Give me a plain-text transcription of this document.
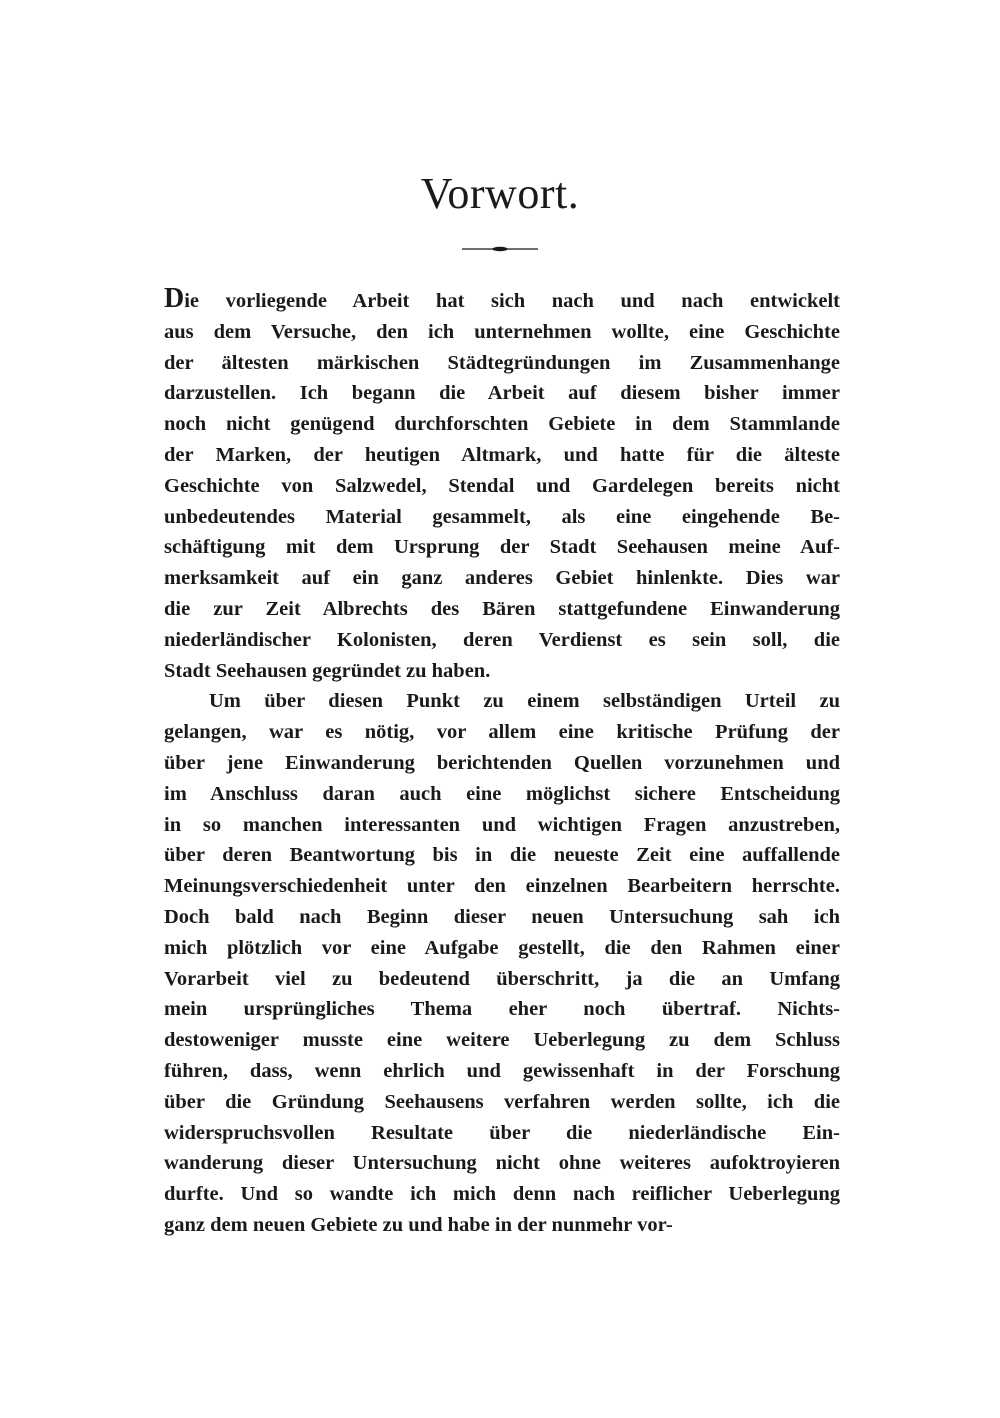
Vorwort.
Die vorliegende Arbeit hat sich nach und nach entwickelt
aus dem Versuche, den ich unternehmen wollte, eine Geschichte
der ältesten märkischen Städtegründungen im Zusammenhange
darzustellen. Ich begann die Arbeit auf diesem bisher immer
noch nicht genügend durchforschten Gebiete in dem Stammlande
der Marken, der heutigen Altmark, und hatte für die älteste
Geschichte von Salzwedel, Stendal und Gardelegen bereits nicht
unbedeutendes Material gesammelt, als eine eingehende Be-
schäftigung mit dem Ursprung der Stadt Seehausen meine Auf-
merksamkeit auf ein ganz anderes Gebiet hinlenkte. Dies war
die zur Zeit Albrechts des Bären stattgefundene Einwanderung
niederländischer Kolonisten, deren Verdienst es sein soll, die
Stadt Seehausen gegründet zu haben.
Um über diesen Punkt zu einem selbständigen Urteil zu
gelangen, war es nötig, vor allem eine kritische Prüfung der
über jene Einwanderung berichtenden Quellen vorzunehmen und
im Anschluss daran auch eine möglichst sichere Entscheidung
in so manchen interessanten und wichtigen Fragen anzustreben,
über deren Beantwortung bis in die neueste Zeit eine auffallende
Meinungsverschiedenheit unter den einzelnen Bearbeitern herrschte.
Doch bald nach Beginn dieser neuen Untersuchung sah ich
mich plötzlich vor eine Aufgabe gestellt, die den Rahmen einer
Vorarbeit viel zu bedeutend überschritt, ja die an Umfang
mein ursprüngliches Thema eher noch übertraf. Nichts-
destoweniger musste eine weitere Ueberlegung zu dem Schluss
führen, dass, wenn ehrlich und gewissenhaft in der Forschung
über die Gründung Seehausens verfahren werden sollte, ich die
widerspruchsvollen Resultate über die niederländische Ein-
wanderung dieser Untersuchung nicht ohne weiteres aufoktroyieren
durfte. Und so wandte ich mich denn nach reiflicher Ueberlegung
ganz dem neuen Gebiete zu und habe in der nunmehr vor-
